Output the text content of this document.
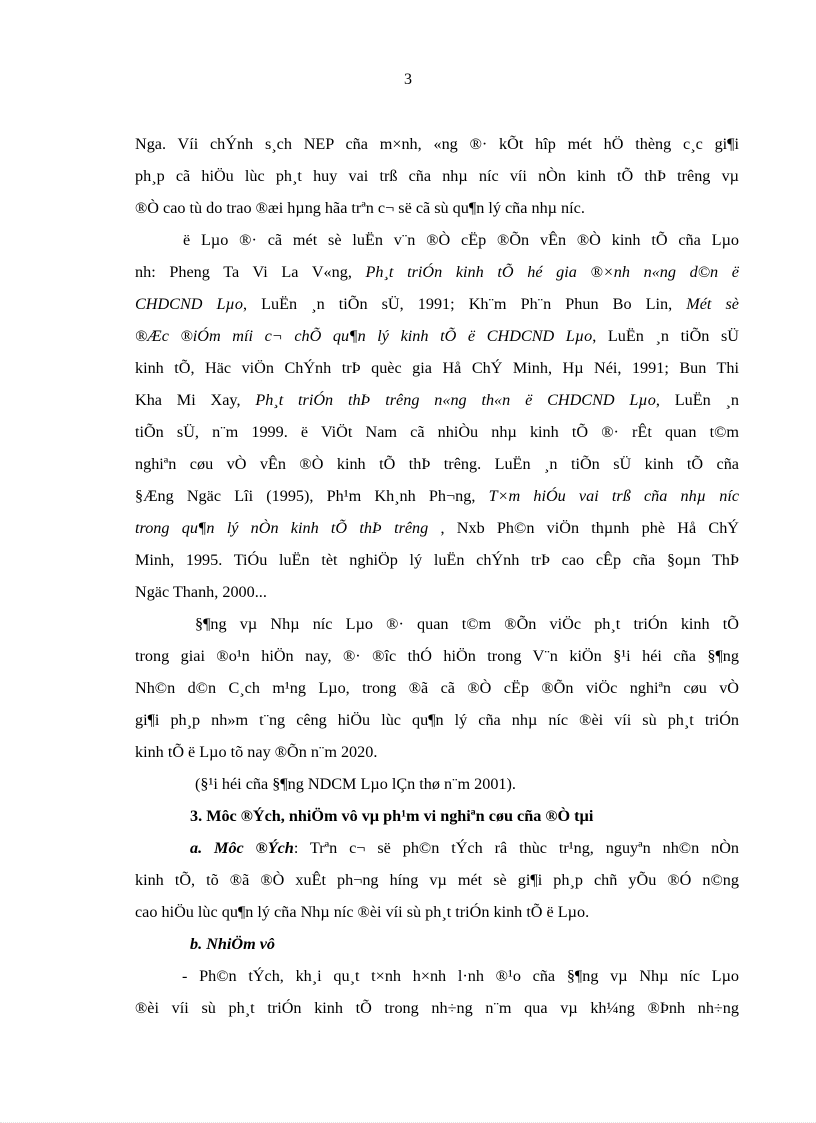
3
Nga. Víi chÝnh s¸ch NEP cña m×nh, «ng ®· kÕt hîp mét hÖ thèng c¸c gi¶i
ph¸p cã hiÖu lùc ph¸t huy vai trß cña nhµ níc víi nÒn kinh tÕ thÞ trêng vµ
®Ò cao tù do trao ®æi hµng hãa trªn c¬ së cã sù qu¶n lý cña nhµ níc.
ë Lµo ®· cã mét sè luËn v¨n ®Ò cËp ®Õn vÊn ®Ò kinh tÕ cña Lµo
nh: Pheng Ta Vi La V«ng, Ph¸t triÓn kinh tÕ hé gia ®×nh n«ng d©n ë
CHDCND Lµo, LuËn ¸n tiÕn sÜ, 1991; Kh¨m Ph¨n Phun Bo Lin, Mét sè
®Æc ®iÓm míi c¬ chÕ qu¶n lý kinh tÕ ë CHDCND Lµo, LuËn ¸n tiÕn sÜ
kinh tÕ, Häc viÖn ChÝnh trÞ quèc gia Hå ChÝ Minh, Hµ Néi, 1991; Bun Thi
Kha Mi Xay, Ph¸t triÓn thÞ trêng n«ng th«n ë CHDCND Lµo, LuËn ¸n
tiÕn sÜ, n¨m 1999. ë ViÖt Nam cã nhiÒu nhµ kinh tÕ ®· rÊt quan t©m
nghiªn cøu vÒ vÊn ®Ò kinh tÕ thÞ trêng. LuËn ¸n tiÕn sÜ kinh tÕ cña
§Æng Ngäc Lîi (1995), Ph¹m Kh¸nh Ph¬ng, T×m hiÓu vai trß cña nhµ níc
trong qu¶n lý nÒn kinh tÕ thÞ trêng , Nxb Ph©n viÖn thµnh phè Hå ChÝ
Minh, 1995. TiÓu luËn tèt nghiÖp lý luËn chÝnh trÞ cao cÊp cña §oµn ThÞ
Ngäc Thanh, 2000...
§¶ng vµ Nhµ níc Lµo ®· quan t©m ®Õn viÖc ph¸t triÓn kinh tÕ
trong giai ®o¹n hiÖn nay, ®· ®îc thÓ hiÖn trong V¨n kiÖn §¹i héi cña §¶ng
Nh©n d©n C¸ch m¹ng Lµo, trong ®ã cã ®Ò cËp ®Õn viÖc nghiªn cøu vÒ
gi¶i ph¸p nh»m t¨ng cêng hiÖu lùc qu¶n lý cña nhµ níc ®èi víi sù ph¸t triÓn
kinh tÕ ë Lµo tõ nay ®Õn n¨m 2020.
(§¹i héi cña §¶ng NDCM Lµo lÇn thø n¨m 2001).
3. Môc ®Ých, nhiÖm vô vµ ph¹m vi nghiªn cøu cña ®Ò tµi
a. Môc ®Ých: Trªn c¬ së ph©n tÝch râ thùc tr¹ng, nguyªn nh©n nÒn
kinh tÕ, tõ ®ã ®Ò xuÊt ph¬ng híng vµ mét sè gi¶i ph¸p chñ yÕu ®Ó n©ng
cao hiÖu lùc qu¶n lý cña Nhµ níc ®èi víi sù ph¸t triÓn kinh tÕ ë Lµo.
b. NhiÖm vô
- Ph©n tÝch, kh¸i qu¸t t×nh h×nh l·nh ®¹o cña §¶ng vµ Nhµ níc Lµo
®èi víi sù ph¸t triÓn kinh tÕ trong nh÷ng n¨m qua vµ kh¼ng ®Þnh nh÷ng
